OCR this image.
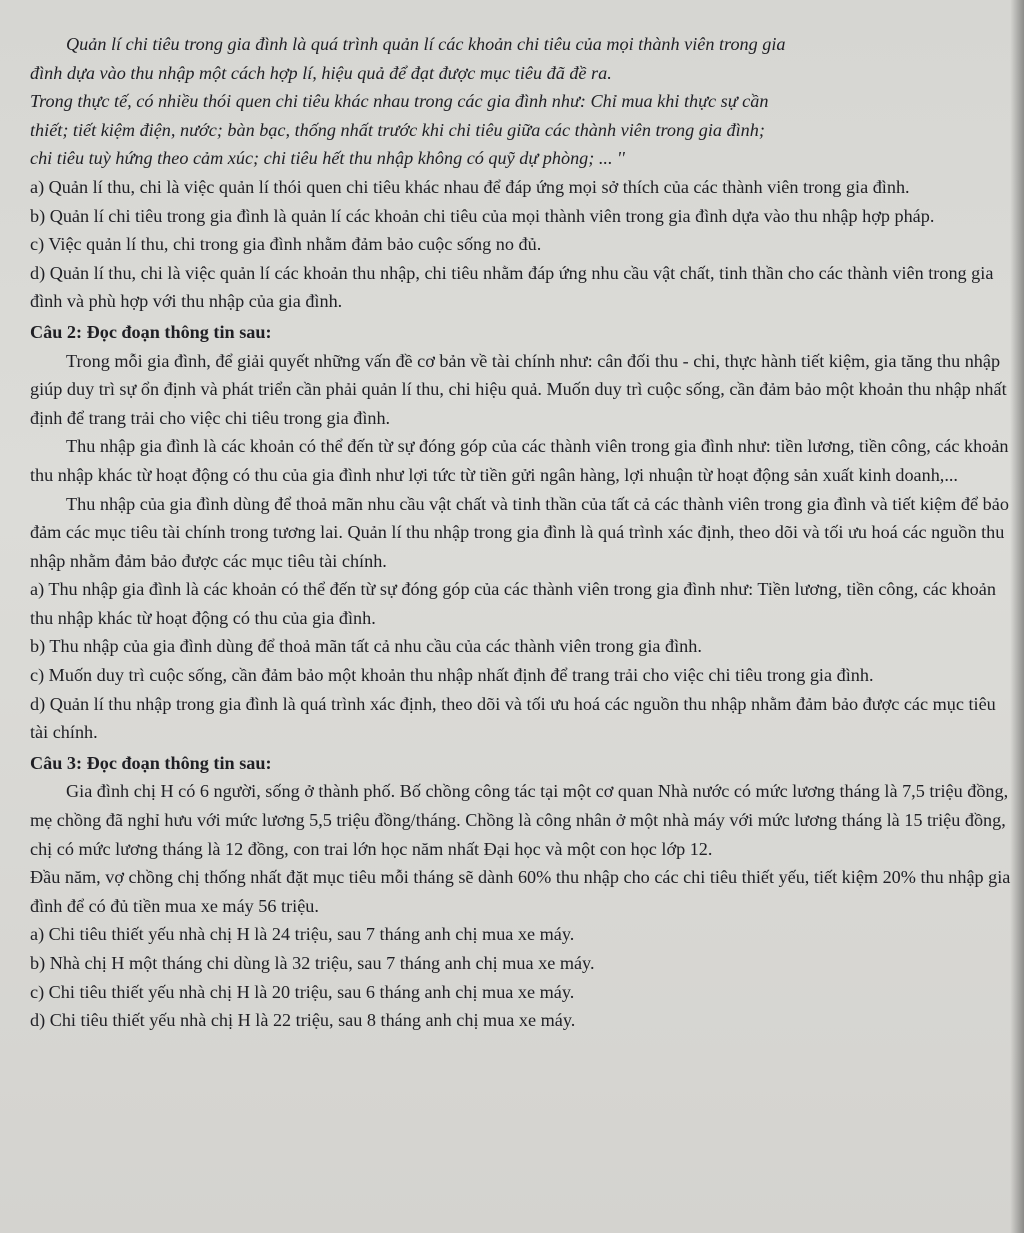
Quản lí chi tiêu trong gia đình là quá trình quản lí các khoản chi tiêu của mọi thành viên trong gia

đình dựa vào thu nhập một cách hợp lí, hiệu quả để đạt được mục tiêu đã đề ra.

Trong thực tế, có nhiều thói quen chi tiêu khác nhau trong các gia đình như: Chỉ mua khi thực sự cần

thiết; tiết kiệm điện, nước; bàn bạc, thống nhất trước khi chi tiêu giữa các thành viên trong gia đình;

chi tiêu tuỳ hứng theo cảm xúc; chi tiêu hết thu nhập không có quỹ dự phòng; ... ''

a) Quản lí thu, chi là việc quản lí thói quen chi tiêu khác nhau để đáp ứng mọi sở thích của các thành viên trong gia đình.

b) Quản lí chi tiêu trong gia đình là quản lí các khoản chi tiêu của mọi thành viên trong gia đình dựa vào thu nhập hợp pháp.

c) Việc quản lí thu, chi trong gia đình nhằm đảm bảo cuộc sống no đủ.

d) Quản lí thu, chi là việc quản lí các khoản thu nhập, chi tiêu nhằm đáp ứng nhu cầu vật chất, tinh thần cho các thành viên trong gia đình và phù hợp với thu nhập của gia đình.

Câu 2: Đọc đoạn thông tin sau:

Trong mỗi gia đình, để giải quyết những vấn đề cơ bản về tài chính như: cân đối thu - chi, thực hành tiết kiệm, gia tăng thu nhập giúp duy trì sự ổn định và phát triển cần phải quản lí thu, chi hiệu quả. Muốn duy trì cuộc sống, cần đảm bảo một khoản thu nhập nhất định để trang trải cho việc chi tiêu trong gia đình.

Thu nhập gia đình là các khoản có thể đến từ sự đóng góp của các thành viên trong gia đình như: tiền lương, tiền công, các khoản thu nhập khác từ hoạt động có thu của gia đình như lợi tức từ tiền gửi ngân hàng, lợi nhuận từ hoạt động sản xuất kinh doanh,...

Thu nhập của gia đình dùng để thoả mãn nhu cầu vật chất và tinh thần của tất cả các thành viên trong gia đình và tiết kiệm để bảo đảm các mục tiêu tài chính trong tương lai. Quản lí thu nhập trong gia đình là quá trình xác định, theo dõi và tối ưu hoá các nguồn thu nhập nhằm đảm bảo được các mục tiêu tài chính.

a) Thu nhập gia đình là các khoản có thể đến từ sự đóng góp của các thành viên trong gia đình như: Tiền lương, tiền công, các khoản thu nhập khác từ hoạt động có thu của gia đình.

b) Thu nhập của gia đình dùng để thoả mãn tất cả nhu cầu của các thành viên trong gia đình.

c) Muốn duy trì cuộc sống, cần đảm bảo một khoản thu nhập nhất định để trang trải cho việc chi tiêu trong gia đình.

d) Quản lí thu nhập trong gia đình là quá trình xác định, theo dõi và tối ưu hoá các nguồn thu nhập nhằm đảm bảo được các mục tiêu tài chính.

Câu 3: Đọc đoạn thông tin sau:

Gia đình chị H có 6 người, sống ở thành phố. Bố chồng công tác tại một cơ quan Nhà nước có mức lương tháng là 7,5 triệu đồng, mẹ chồng đã nghỉ hưu với mức lương 5,5 triệu đồng/tháng. Chồng là công nhân ở một nhà máy với mức lương tháng là 15 triệu đồng, chị có mức lương tháng là 12 đồng, con trai lớn học năm nhất Đại học và một con học lớp 12.

Đầu năm, vợ chồng chị thống nhất đặt mục tiêu mỗi tháng sẽ dành 60% thu nhập cho các chi tiêu thiết yếu, tiết kiệm 20% thu nhập gia đình để có đủ tiền mua xe máy 56 triệu.

a) Chi tiêu thiết yếu nhà chị H là 24 triệu, sau 7 tháng anh chị mua xe máy.

b) Nhà chị H một tháng chi dùng là 32 triệu, sau 7 tháng anh chị mua xe máy.

c) Chi tiêu thiết yếu nhà chị H là 20 triệu, sau 6 tháng anh chị mua xe máy.

d) Chi tiêu thiết yếu nhà chị H là 22 triệu, sau 8 tháng anh chị mua xe máy.
